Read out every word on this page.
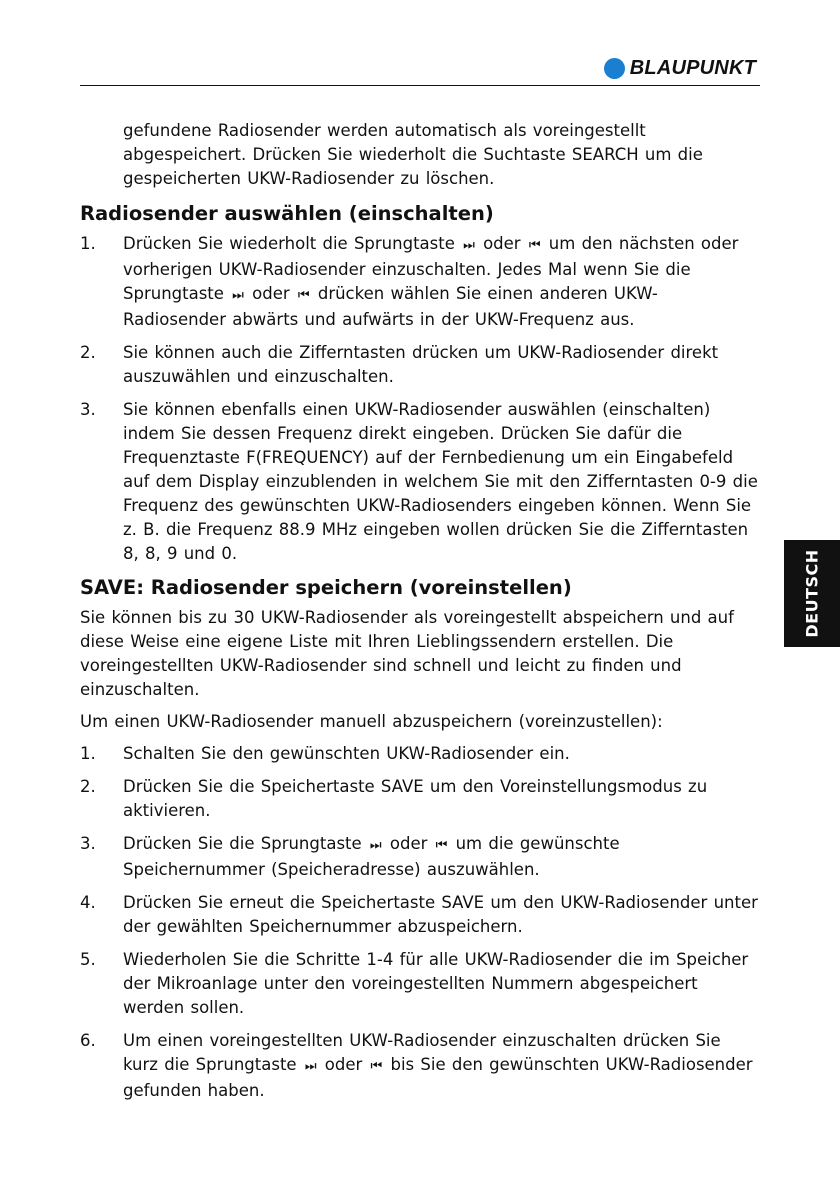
BLAUPUNKT
DEUTSCH

gefundene Radiosender werden automatisch als voreingestellt abgespeichert. Drücken Sie wiederholt die Suchtaste SEARCH um die gespeicherten UKW-Radiosender zu löschen.

Radiosender auswählen (einschalten)
1.	Drücken Sie wiederholt die Sprungtaste ⏭ oder ⏮ um den nächsten oder vorherigen UKW-Radiosender einzuschalten. Jedes Mal wenn Sie die Sprungtaste ⏭ oder ⏮ drücken wählen Sie einen anderen UKW-Radiosender abwärts und aufwärts in der UKW-Frequenz aus.
2.	Sie können auch die Zifferntasten drücken um UKW-Radiosender direkt auszuwählen und einzuschalten.
3.	Sie können ebenfalls einen UKW-Radiosender auswählen (einschalten) indem Sie dessen Frequenz direkt eingeben. Drücken Sie dafür die Frequenztaste F(FREQUENCY) auf der Fernbedienung um ein Eingabefeld auf dem Display einzublenden in welchem Sie mit den Zifferntasten 0-9 die Frequenz des gewünschten UKW-Radiosenders eingeben können. Wenn Sie z. B. die Frequenz 88.9 MHz eingeben wollen drücken Sie die Zifferntasten 8, 8, 9 und 0.
SAVE: Radiosender speichern (voreinstellen)

Sie können bis zu 30 UKW-Radiosender als voreingestellt abspeichern und auf diese Weise eine eigene Liste mit Ihren Lieblingssendern erstellen. Die voreingestellten UKW-Radiosender sind schnell und leicht zu finden und einzuschalten.

Um einen UKW-Radiosender manuell abzuspeichern (voreinzustellen):

1.	Schalten Sie den gewünschten UKW-Radiosender ein.
2.	Drücken Sie die Speichertaste SAVE um den Voreinstellungsmodus zu aktivieren.
3.	Drücken Sie die Sprungtaste ⏭ oder ⏮ um die gewünschte Speichernummer (Speicheradresse) auszuwählen.
4.	Drücken Sie erneut die Speichertaste SAVE um den UKW-Radiosender unter der gewählten Speichernummer abzuspeichern.
5.	Wiederholen Sie die Schritte 1-4 für alle UKW-Radiosender die im Speicher der Mikroanlage unter den voreingestellten Nummern abgespeichert werden sollen.
6.	Um einen voreingestellten UKW-Radiosender einzuschalten drücken Sie kurz die Sprungtaste ⏭ oder ⏮ bis Sie den gewünschten UKW-Radiosender gefunden haben.
